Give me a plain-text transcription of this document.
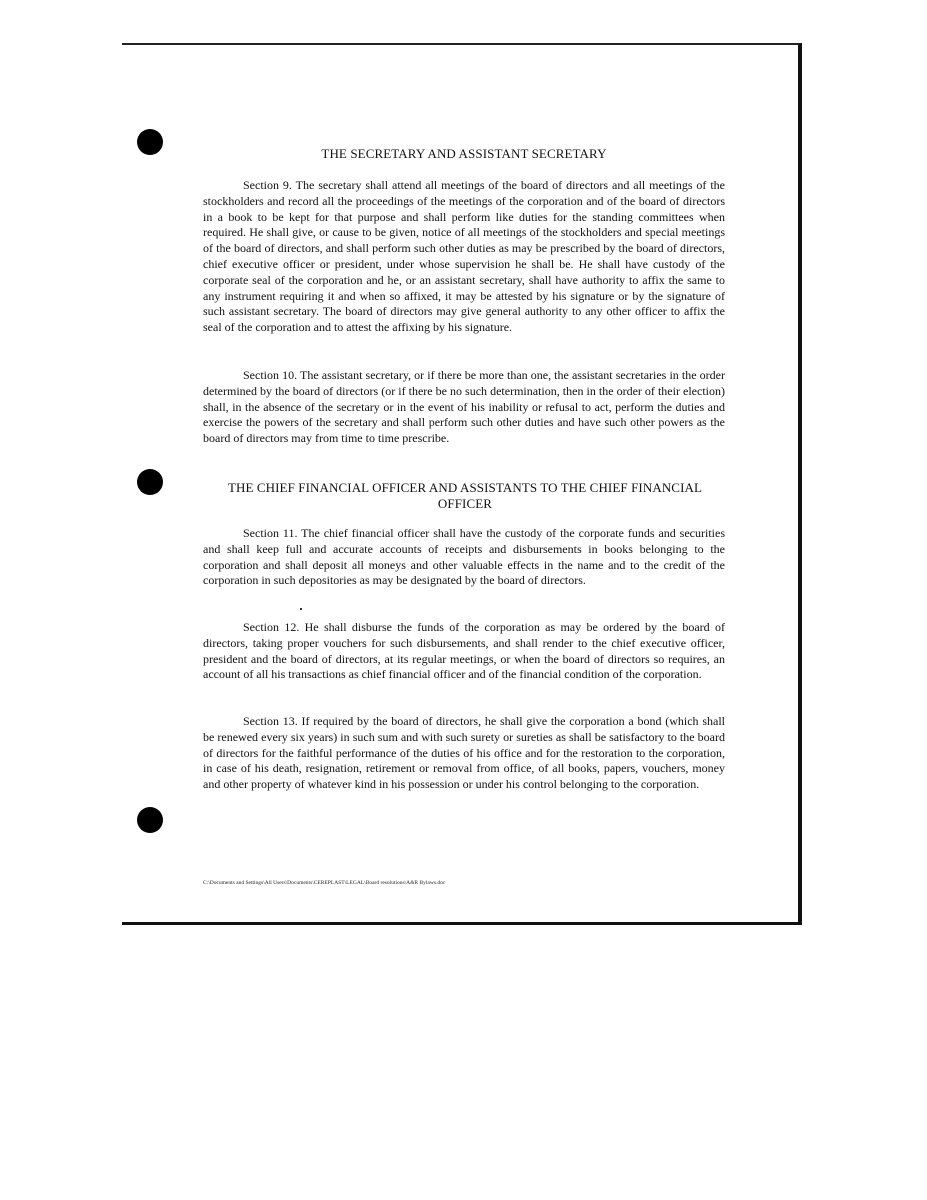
THE SECRETARY AND ASSISTANT SECRETARY

Section 9. The secretary shall attend all meetings of the board of directors and all meetings of the stockholders and record all the proceedings of the meetings of the corporation and of the board of directors in a book to be kept for that purpose and shall perform like duties for the standing committees when required. He shall give, or cause to be given, notice of all meetings of the stockholders and special meetings of the board of directors, and shall perform such other duties as may be prescribed by the board of directors, chief executive officer or president, under whose supervision he shall be. He shall have custody of the corporate seal of the corporation and he, or an assistant secretary, shall have authority to affix the same to any instrument requiring it and when so affixed, it may be attested by his signature or by the signature of such assistant secretary. The board of directors may give general authority to any other officer to affix the seal of the corporation and to attest the affixing by his signature.

Section 10. The assistant secretary, or if there be more than one, the assistant secretaries in the order determined by the board of directors (or if there be no such determination, then in the order of their election) shall, in the absence of the secretary or in the event of his inability or refusal to act, perform the duties and exercise the powers of the secretary and shall perform such other duties and have such other powers as the board of directors may from time to time prescribe.

THE CHIEF FINANCIAL OFFICER AND ASSISTANTS TO THE CHIEF FINANCIAL OFFICER

Section 11. The chief financial officer shall have the custody of the corporate funds and securities and shall keep full and accurate accounts of receipts and disbursements in books belonging to the corporation and shall deposit all moneys and other valuable effects in the name and to the credit of the corporation in such depositories as may be designated by the board of directors.

Section 12. He shall disburse the funds of the corporation as may be ordered by the board of directors, taking proper vouchers for such disbursements, and shall render to the chief executive officer, president and the board of directors, at its regular meetings, or when the board of directors so requires, an account of all his transactions as chief financial officer and of the financial condition of the corporation.

Section 13. If required by the board of directors, he shall give the corporation a bond (which shall be renewed every six years) in such sum and with such surety or sureties as shall be satisfactory to the board of directors for the faithful performance of the duties of his office and for the restoration to the corporation, in case of his death, resignation, retirement or removal from office, of all books, papers, vouchers, money and other property of whatever kind in his possession or under his control belonging to the corporation.

C:\Documents and Settings\All Users\Documents\CEREPLAST\LEGAL\Board resolutions\A&R Bylaws.doc
